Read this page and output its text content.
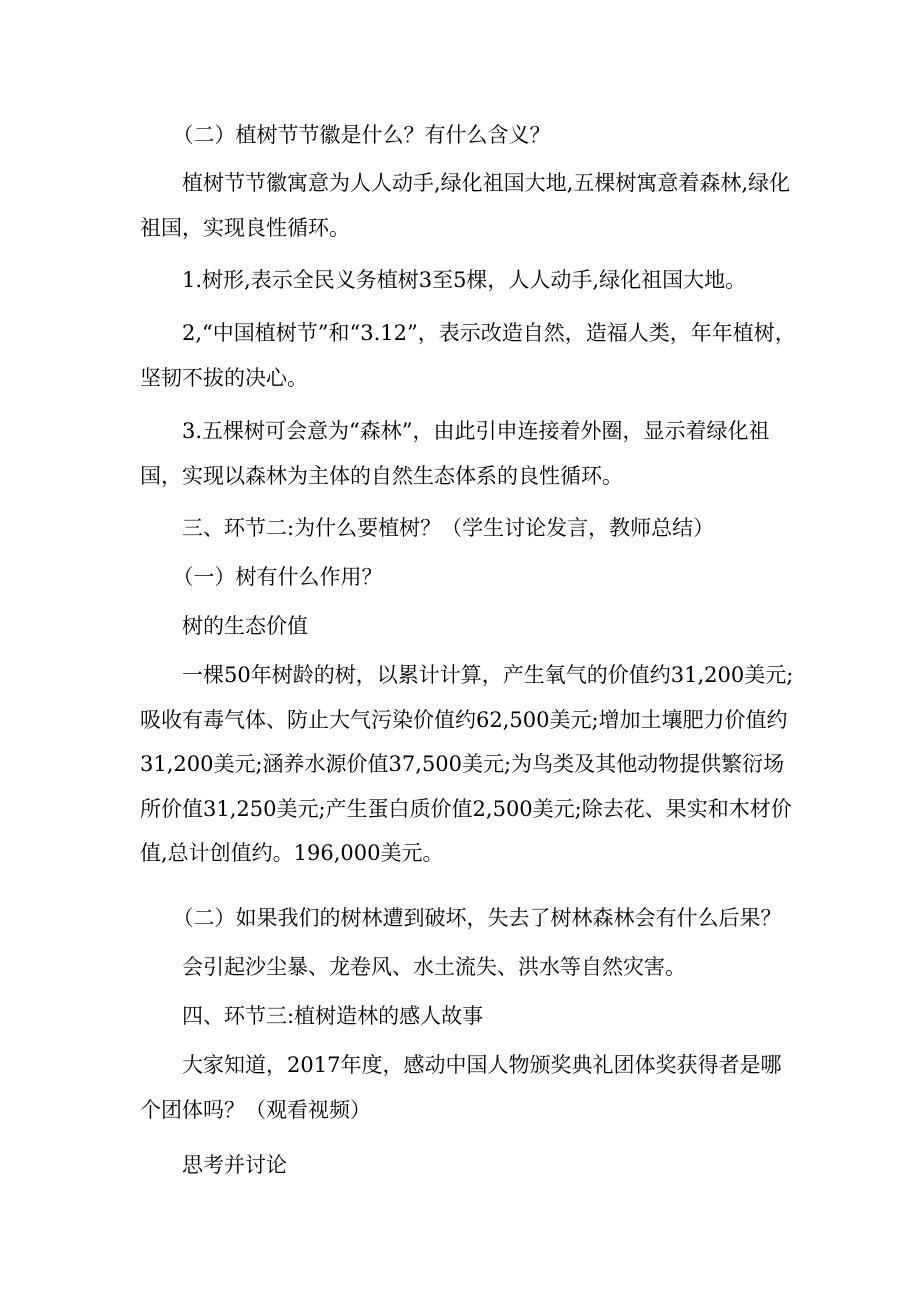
（二）植树节节徽是什么？有什么含义？
植树节节徽寓意为人人动手,绿化祖国大地,五棵树寓意着森林,绿化祖国，实现良性循环。
1.树形,表示全民义务植树3至5棵，人人动手,绿化祖国大地。
2,“中国植树节”和“3.12”，表示改造自然，造福人类，年年植树，坚韧不拔的决心。
3.五棵树可会意为“森林”，由此引申连接着外圈，显示着绿化祖国，实现以森林为主体的自然生态体系的良性循环。
三、环节二:为什么要植树？（学生讨论发言，教师总结）
（一）树有什么作用？
树的生态价值
一棵50年树龄的树，以累计计算，产生氧气的价值约31,200美元;吸收有毒气体、防止大气污染价值约62,500美元;增加土壤肥力价值约31,200美元;涵养水源价值37,500美元;为鸟类及其他动物提供繁衍场所价值31,250美元;产生蛋白质价值2,500美元;除去花、果实和木材价值,总计创值约。196,000美元。
（二）如果我们的树林遭到破坏，失去了树林森林会有什么后果？
会引起沙尘暴、龙卷风、水土流失、洪水等自然灾害。
四、环节三:植树造林的感人故事
大家知道，2017年度，感动中国人物颁奖典礼团体奖获得者是哪个团体吗？（观看视频）
思考并讨论
